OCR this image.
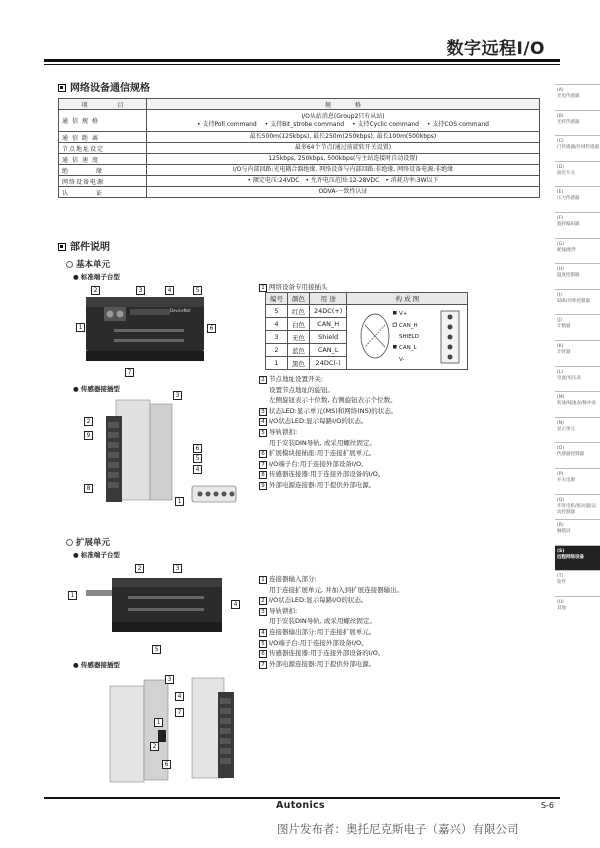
数字远程I/O
网络设备通信规格
项　　　　　目	规　　　　格
通信规格	I/O从站消息(Group2只有从站)
• 支持Poll command • 支持Bit_strobe command • 支持Cyclic command • 支持COS command

通信距离	最长500m(125kbps), 最长250m(250kbps), 最长100m(500kbps)
节点地址设定	最多64个节点(通过前旋转开关设置)
通信速度	125kbps, 250kbps, 500kbps(与主站连接时自动设置)
绝缘	I/O与内部回路:光电耦合器绝缘, 网络设备与内部回路:非绝缘, 网络设备电源:非绝缘
网络设备电源	• 额定电压:24VDC　• 允许电压范围:12-28VDC　• 消耗功率:3W以下
认证	ODVA-一致性认证
部件说明
基本单元
● 标准端子台型
DeviceNet
2	3	4	5
1	6
7
● 传感器接插型
3
2
9
6
5
4
8
1
1 网络设备专用接插头
编号	颜色	用 途	构 成 图
5	红色	24DC(+)	V+
CAN_H
SHIELD
CAN_L
V-

4	白色	CAN_H	
3	无色	Shield	
2	蓝色	CAN_L	
1	黑色	24DC(-)	
2 节点地址设置开关:
设置节点地址的旋钮。
左侧旋钮表示十位数, 右侧旋钮表示个位数。
3 状态LED:显示单元(MS)和网络(NS)的状态。
4 I/O状态LED:显示每路I/O的状态。
5 导轨锁扣:
用于安装DIN导轨, 或采用螺丝固定。
6 扩展模块接插座:用于连接扩展单元。
7 I/O端子台:用于连接外部设备I/O。
8 传感器连接器:用于连接外部设备的I/O。
9 外部电源连接器:用于提供外部电源。
扩展单元
● 标准端子台型
2	3
1
4
5
1 连接器输入部分:
用于连接扩展单元, 并加入到扩展连接器输出。
2 I/O状态LED:显示每路I/O的状态。
3 导轨锁扣:
用于安装DIN导轨, 或采用螺丝固定。
4 连接器输出部分:用于连接扩展单元。
5 I/O端子台:用于连接外部设备I/O。
6 传感器连接器:用于连接外部设备的I/O。
7 外部电源连接器:用于提供外部电源。
● 传感器接插型
3
4
7
1
2
6
(A)
光电传感器
(B)
光纤传感器
(C)
门传感器/区域传感器
(D)
接近开关
(E)
压力传感器
(F)
旋转编码器
(G)
配线/配件
(H)
温度控制器
(I)
SSR/功率控制器
(J)
计数器
(K)
计时器
(L)
电流/电压表
(M)
转速/线速表/脉冲表
(N)
显示单元
(O)
传感器控制器
(P)
开关电源
(Q)
步进电机/驱动器/运动控制器
(R)
触摸屏
(S)
远程网络设备
(T)
软件
(U)
其他
Autonics	S-6
图片发布者：奥托尼克斯电子（嘉兴）有限公司
